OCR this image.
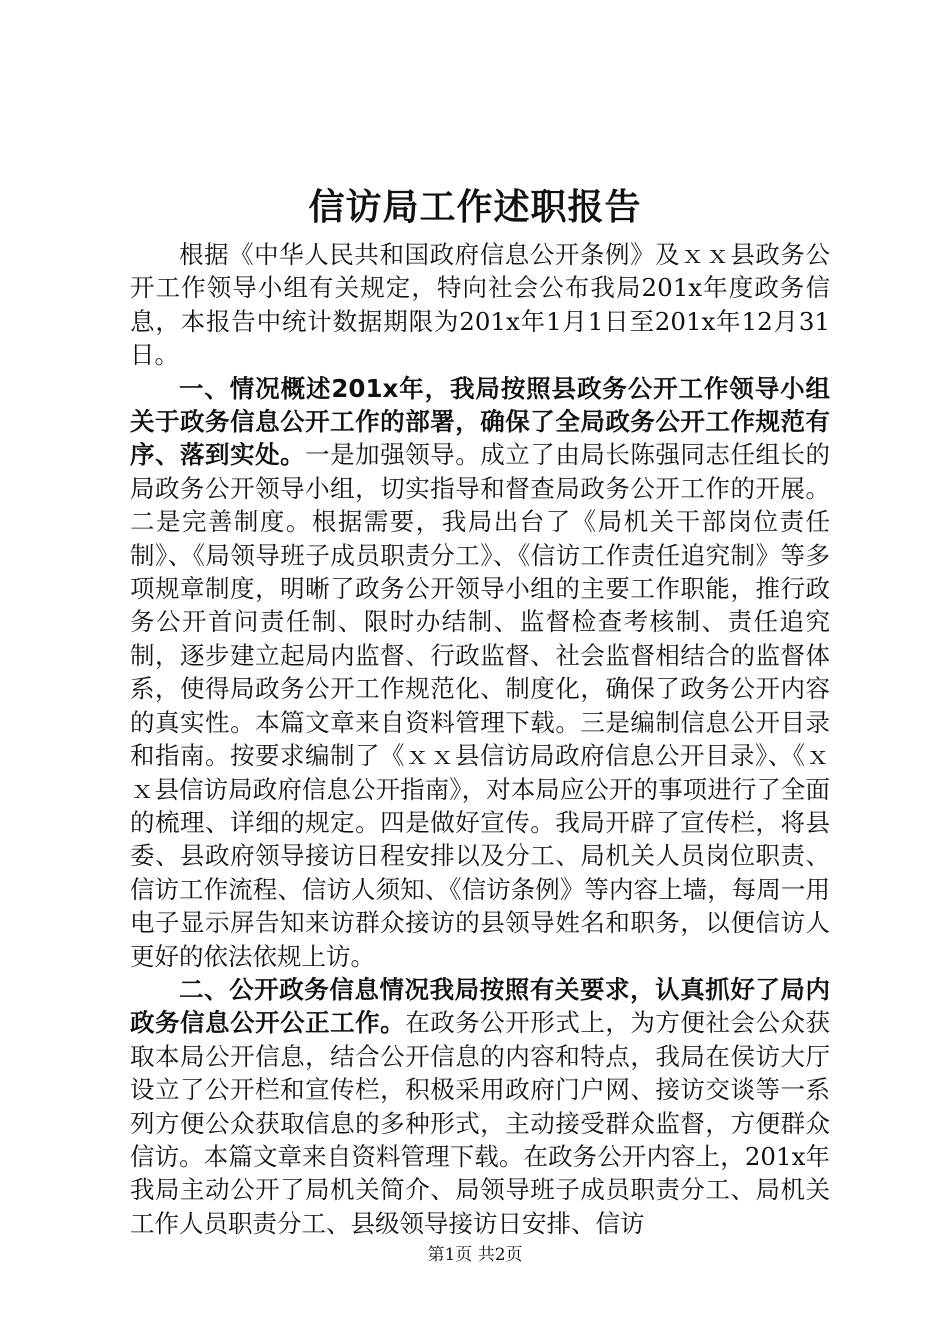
信访局工作述职报告

根据《中华人民共和国政府信息公开条例》及ｘｘ县政务公开工作领导小组有关规定，特向社会公布我局201x年度政务信息，本报告中统计数据期限为201x年1月1日至201x年12月31日。

一、情况概述201x年，我局按照县政务公开工作领导小组关于政务信息公开工作的部署，确保了全局政务公开工作规范有序、落到实处。一是加强领导。成立了由局长陈强同志任组长的局政务公开领导小组，切实指导和督查局政务公开工作的开展。二是完善制度。根据需要，我局出台了《局机关干部岗位责任制》、《局领导班子成员职责分工》、《信访工作责任追究制》等多项规章制度，明晰了政务公开领导小组的主要工作职能，推行政务公开首问责任制、限时办结制、监督检查考核制、责任追究制，逐步建立起局内监督、行政监督、社会监督相结合的监督体系，使得局政务公开工作规范化、制度化，确保了政务公开内容的真实性。本篇文章来自资料管理下载。三是编制信息公开目录和指南。按要求编制了《ｘｘ县信访局政府信息公开目录》、《ｘｘ县信访局政府信息公开指南》，对本局应公开的事项进行了全面的梳理、详细的规定。四是做好宣传。我局开辟了宣传栏，将县委、县政府领导接访日程安排以及分工、局机关人员岗位职责、信访工作流程、信访人须知、《信访条例》等内容上墙，每周一用电子显示屏告知来访群众接访的县领导姓名和职务，以便信访人更好的依法依规上访。

二、公开政务信息情况我局按照有关要求，认真抓好了局内政务信息公开公正工作。在政务公开形式上，为方便社会公众获取本局公开信息，结合公开信息的内容和特点，我局在侯访大厅设立了公开栏和宣传栏，积极采用政府门户网、接访交谈等一系列方便公众获取信息的多种形式，主动接受群众监督，方便群众信访。本篇文章来自资料管理下载。在政务公开内容上，201x年我局主动公开了局机关简介、局领导班子成员职责分工、局机关工作人员职责分工、县级领导接访日安排、信访

第1页 共2页
